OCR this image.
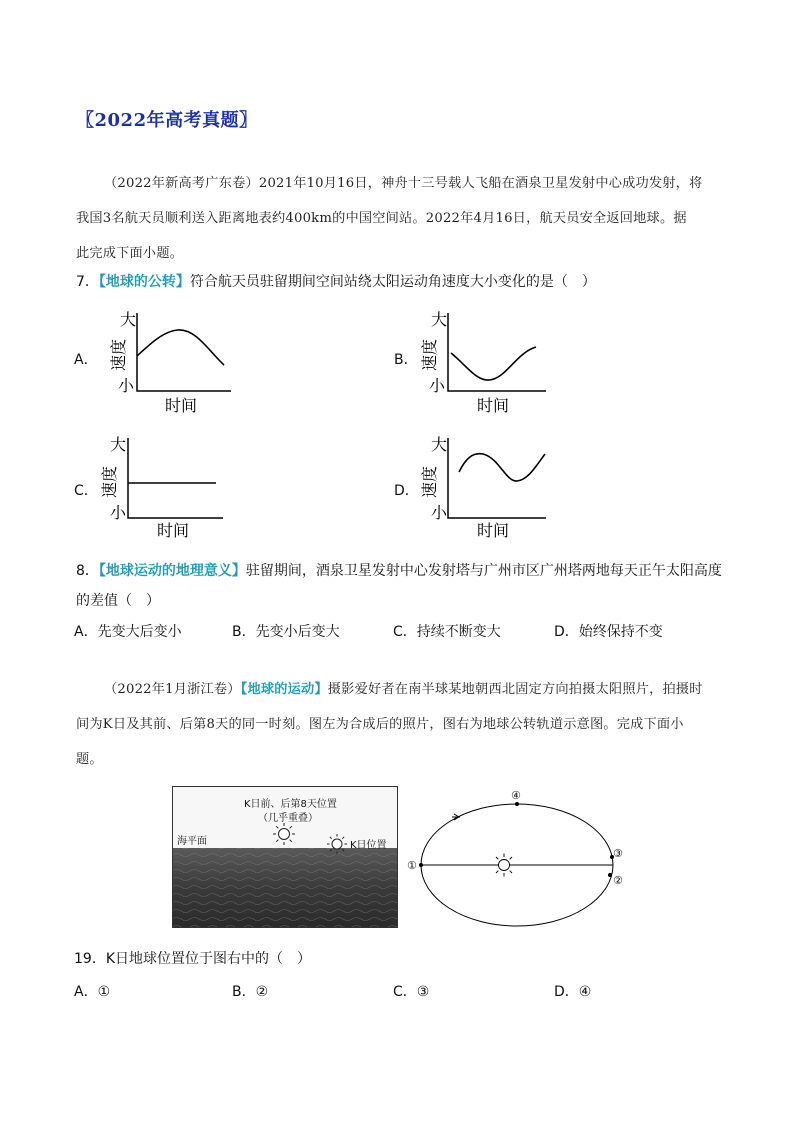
〖2022年高考真题〗
（2022年新高考广东卷）2021年10月16日，神舟十三号载人飞船在酒泉卫星发射中心成功发射，将
我国3名航天员顺利送入距离地表约400km的中国空间站。2022年4月16日，航天员安全返回地球。据
此完成下面小题。
7．【地球的公转】符合航天员驻留期间空间站绕太阳运动角速度大小变化的是（　）
A．
大
速度
小
时间
B．
大
速度
小
时间
C．
大
速度
小
时间
D．
大
速度
小
时间
8．【地球运动的地理意义】驻留期间，酒泉卫星发射中心发射塔与广州市区广州塔两地每天正午太阳高度
的差值（　）
A．先变大后变小	B．先变小后变大	C．持续不断变大	D．始终保持不变
（2022年1月浙江卷）【地球的运动】摄影爱好者在南半球某地朝西北固定方向拍摄太阳照片，拍摄时
间为K日及其前、后第8天的同一时刻。图左为合成后的照片，图右为地球公转轨道示意图。完成下面小
题。
K日前、后第8天位置
（几乎重叠）
海平面	K日位置
①
②
③
④
19．K日地球位置位于图右中的（　）
A．①	B．②	C．③	D．④
